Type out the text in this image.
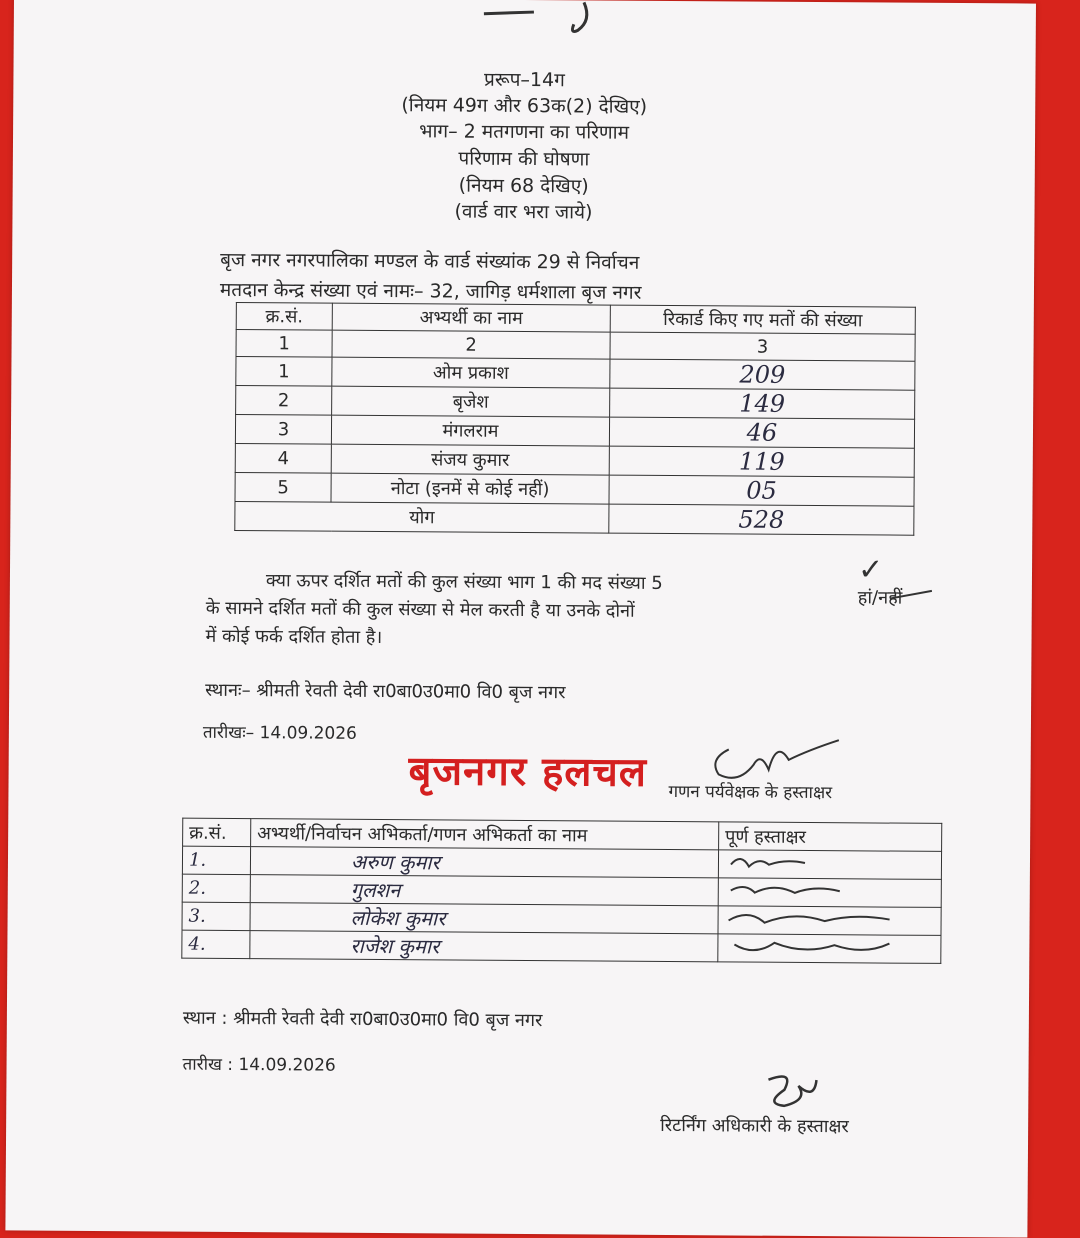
प्ररूप–14ग
(नियम 49ग और 63क(2) देखिए)
भाग– 2 मतगणना का परिणाम
परिणाम की घोषणा
(नियम 68 देखिए)
(वार्ड वार भरा जाये)
बृज नगर नगरपालिका मण्डल के वार्ड संख्यांक 29 से निर्वाचन
मतदान केन्द्र संख्या एवं नामः– 32, जागिड़ धर्मशाला बृज नगर
क्र.सं.	अभ्यर्थी का नाम	रिकार्ड किए गए मतों की संख्या
1	2	3
1	ओम प्रकाश	209
2	बृजेश	149
3	मंगलराम	46
4	संजय कुमार	119
5	नोटा (इनमें से कोई नहीं)	05
योग		528
क्या ऊपर दर्शित मतों की कुल संख्या भाग 1 की मद संख्या 5
के सामने दर्शित मतों की कुल संख्या से मेल करती है या उनके दोनों
में कोई फर्क दर्शित होता है।
✓
हां/नहीं
स्थानः– श्रीमती रेवती देवी रा0बा0उ0मा0 वि0 बृज नगर
तारीखः– 14.09.2026
बृजनगर हलचल गणन पर्यवेक्षक के हस्ताक्षर
क्र.सं.	अभ्यर्थी/निर्वाचन अभिकर्ता/गणन अभिकर्ता का नाम	पूर्ण हस्ताक्षर
1.	अरुण कुमार	
2.	गुलशन	
3.	लोकेश कुमार	
4.	राजेश कुमार	
स्थान : श्रीमती रेवती देवी रा0बा0उ0मा0 वि0 बृज नगर
तारीख : 14.09.2026
रिटर्निंग अधिकारी के हस्ताक्षर
